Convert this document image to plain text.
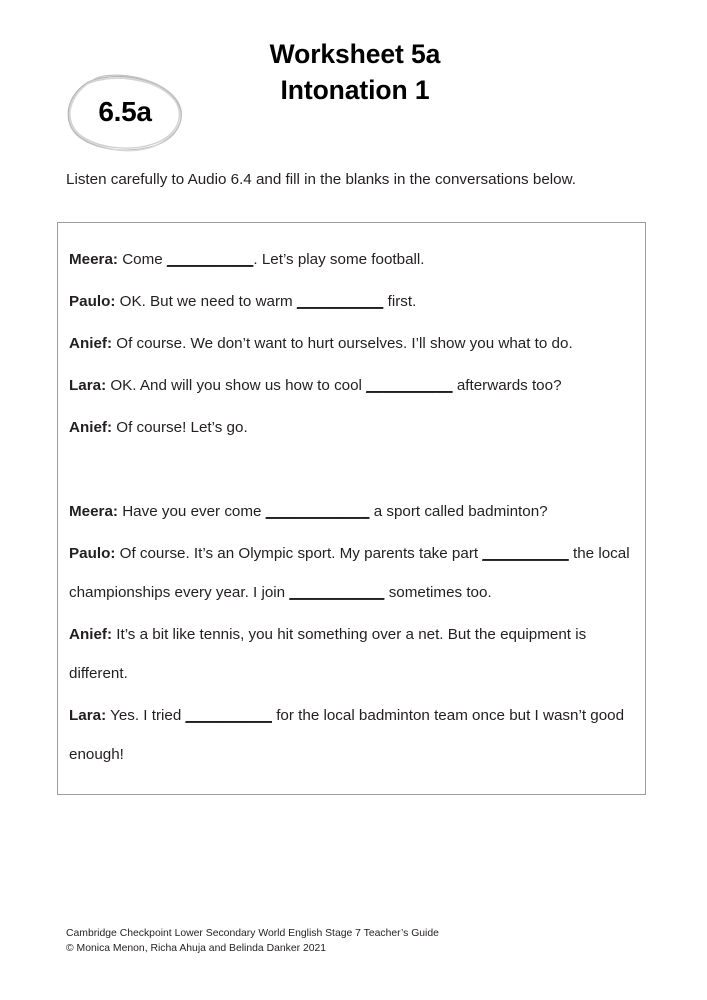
6.5a
Worksheet 5a
Intonation 1
Listen carefully to Audio 6.4 and fill in the blanks in the conversations below.

Meera: Come __________. Let’s play some football.

Paulo: OK. But we need to warm __________ first.

Anief: Of course. We don’t want to hurt ourselves. I’ll show you what to do.

Lara: OK. And will you show us how to cool __________ afterwards too?

Anief: Of course! Let’s go.

Meera: Have you ever come ____________ a sport called badminton?

Paulo: Of course. It’s an Olympic sport. My parents take part __________ the local championships every year. I join ___________ sometimes too.

Anief: It’s a bit like tennis, you hit something over a net. But the equipment is different.

Lara: Yes. I tried __________ for the local badminton team once but I wasn’t good enough!

Cambridge Checkpoint Lower Secondary World English Stage 7 Teacher’s Guide
© Monica Menon, Richa Ahuja and Belinda Danker 2021
